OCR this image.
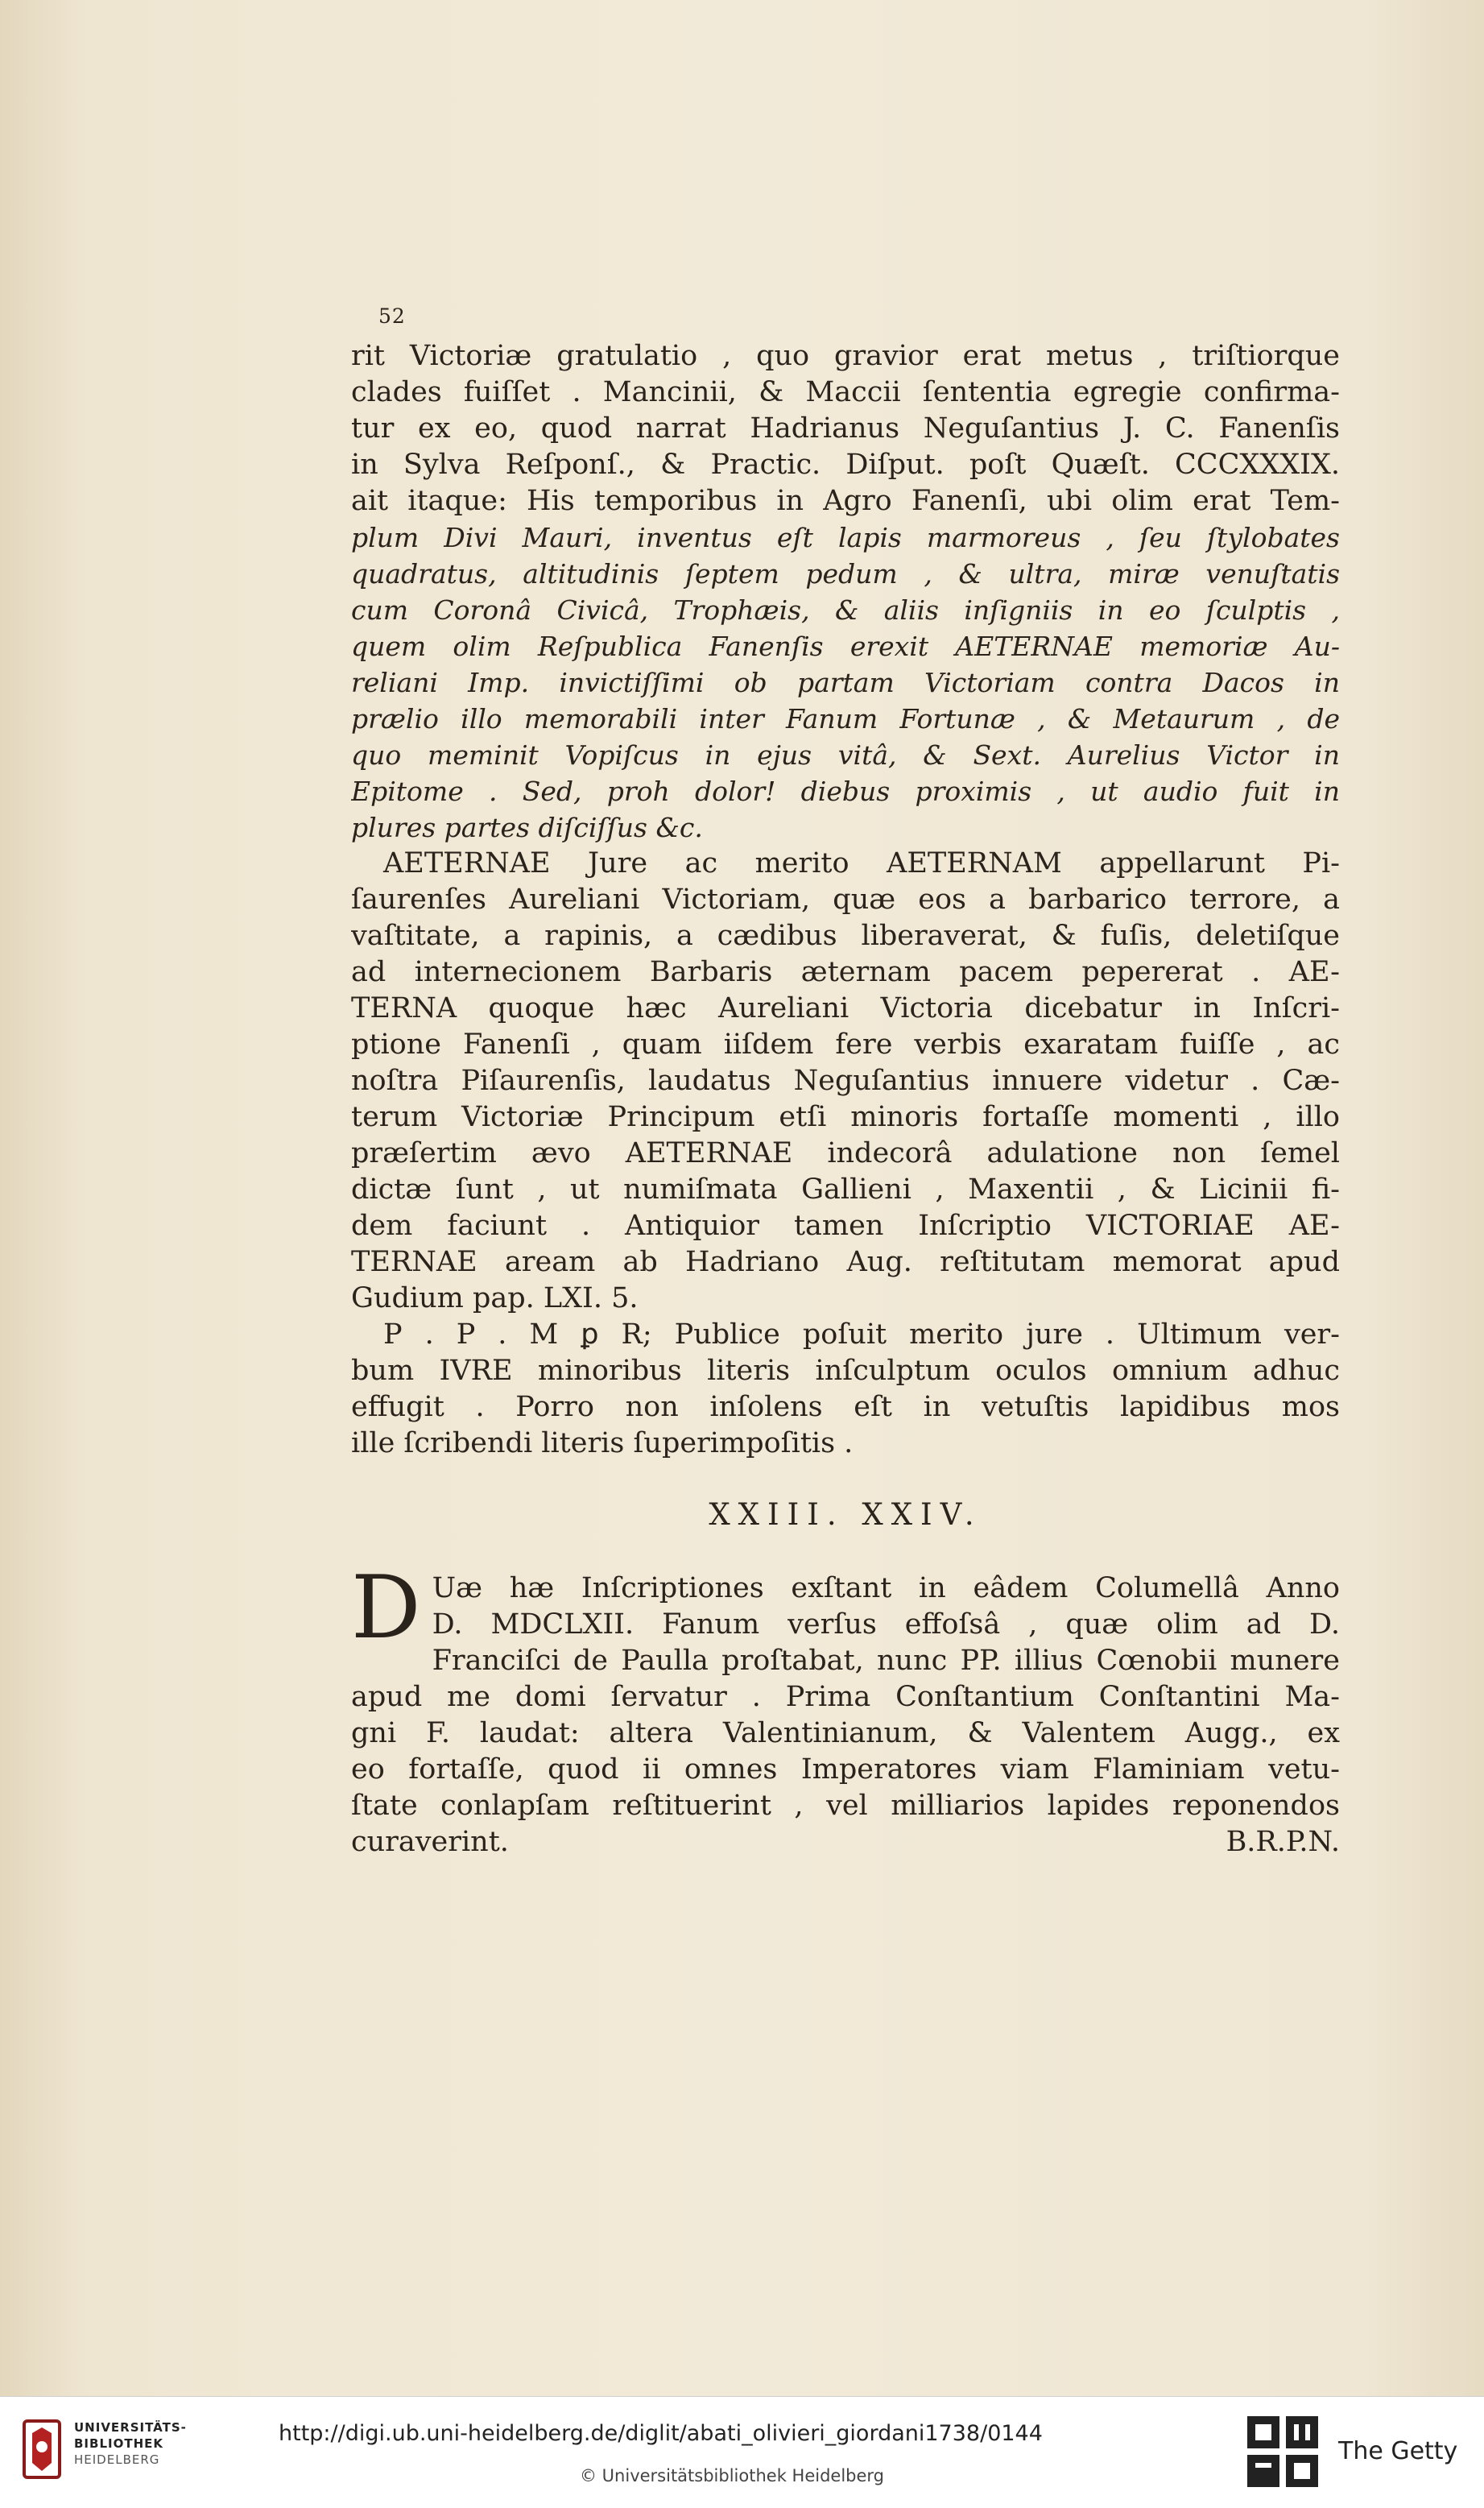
52
rit Victoriæ gratulatio , quo gravior erat metus , triſtiorque
clades fuiſſet . Mancinii, & Maccii ſententia egregie confirma-
tur ex eo, quod narrat Hadrianus Neguſantius J. C. Fanenſis
in Sylva Reſponſ., & Practic. Diſput. poſt Quæſt. CCCXXXIX.
ait itaque: His temporibus in Agro Fanenſi, ubi olim erat Tem-
plum Divi Mauri, inventus eſt lapis marmoreus , ſeu ſtylobates
quadratus, altitudinis ſeptem pedum , & ultra, miræ venuſtatis
cum Coronâ Civicâ, Trophæis, & aliis inſigniis in eo ſculptis ,
quem olim Reſpublica Fanenſis erexit AETERNAE memoriæ Au-
reliani Imp. invictiſſimi ob partam Victoriam contra Dacos in
prælio illo memorabili inter Fanum Fortunæ , & Metaurum , de
quo meminit Vopiſcus in ejus vitâ, & Sext. Aurelius Victor in
Epitome . Sed, proh dolor! diebus proximis , ut audio fuit in
plures partes diſciſſus &c.
AETERNAE Jure ac merito AETERNAM appellarunt Pi-
ſaurenſes Aureliani Victoriam, quæ eos a barbarico terrore, a
vaſtitate, a rapinis, a cædibus liberaverat, & fuſis, deletiſque
ad internecionem Barbaris æternam pacem pepererat . AE-
TERNA quoque hæc Aureliani Victoria dicebatur in Inſcri-
ptione Fanenſi , quam iiſdem fere verbis exaratam fuiſſe , ac
noſtra Piſaurenſis, laudatus Neguſantius innuere videtur . Cæ-
terum Victoriæ Principum etſi minoris fortaſſe momenti , illo
præſertim ævo AETERNAE indecorâ adulatione non ſemel
dictæ ſunt , ut numiſmata Gallieni , Maxentii , & Licinii fi-
dem faciunt . Antiquior tamen Inſcriptio VICTORIAE AE-
TERNAE aream ab Hadriano Aug. reſtitutam memorat apud
Gudium pap. LXI. 5.
P . P . M ꝑ R; Publice poſuit merito jure . Ultimum ver-
bum IVRE minoribus literis inſculptum oculos omnium adhuc
effugit . Porro non inſolens eſt in vetuſtis lapidibus mos
ille ſcribendi literis ſuperimpoſitis .
XXIII. XXIV.
D Uæ hæ Inſcriptiones exſtant in eâdem Columellâ Anno
D. MDCLXII. Fanum verſus effoſsâ , quæ olim ad D.
Franciſci de Paulla proſtabat, nunc PP. illius Cœnobii munere
apud me domi ſervatur . Prima Conſtantium Conſtantini Ma-
gni F. laudat: altera Valentinianum, & Valentem Augg., ex
eo fortaſſe, quod ii omnes Imperatores viam Flaminiam vetu-
ſtate conlapſam reſtituerint , vel milliarios lapides reponendos
curaverint. B.R.P.N.
UNIVERSITÄTS-
BIBLIOTHEK
HEIDELBERG
http://digi.ub.uni-heidelberg.de/diglit/abati_olivieri_giordani1738/0144
© Universitätsbibliothek Heidelberg
The Getty
